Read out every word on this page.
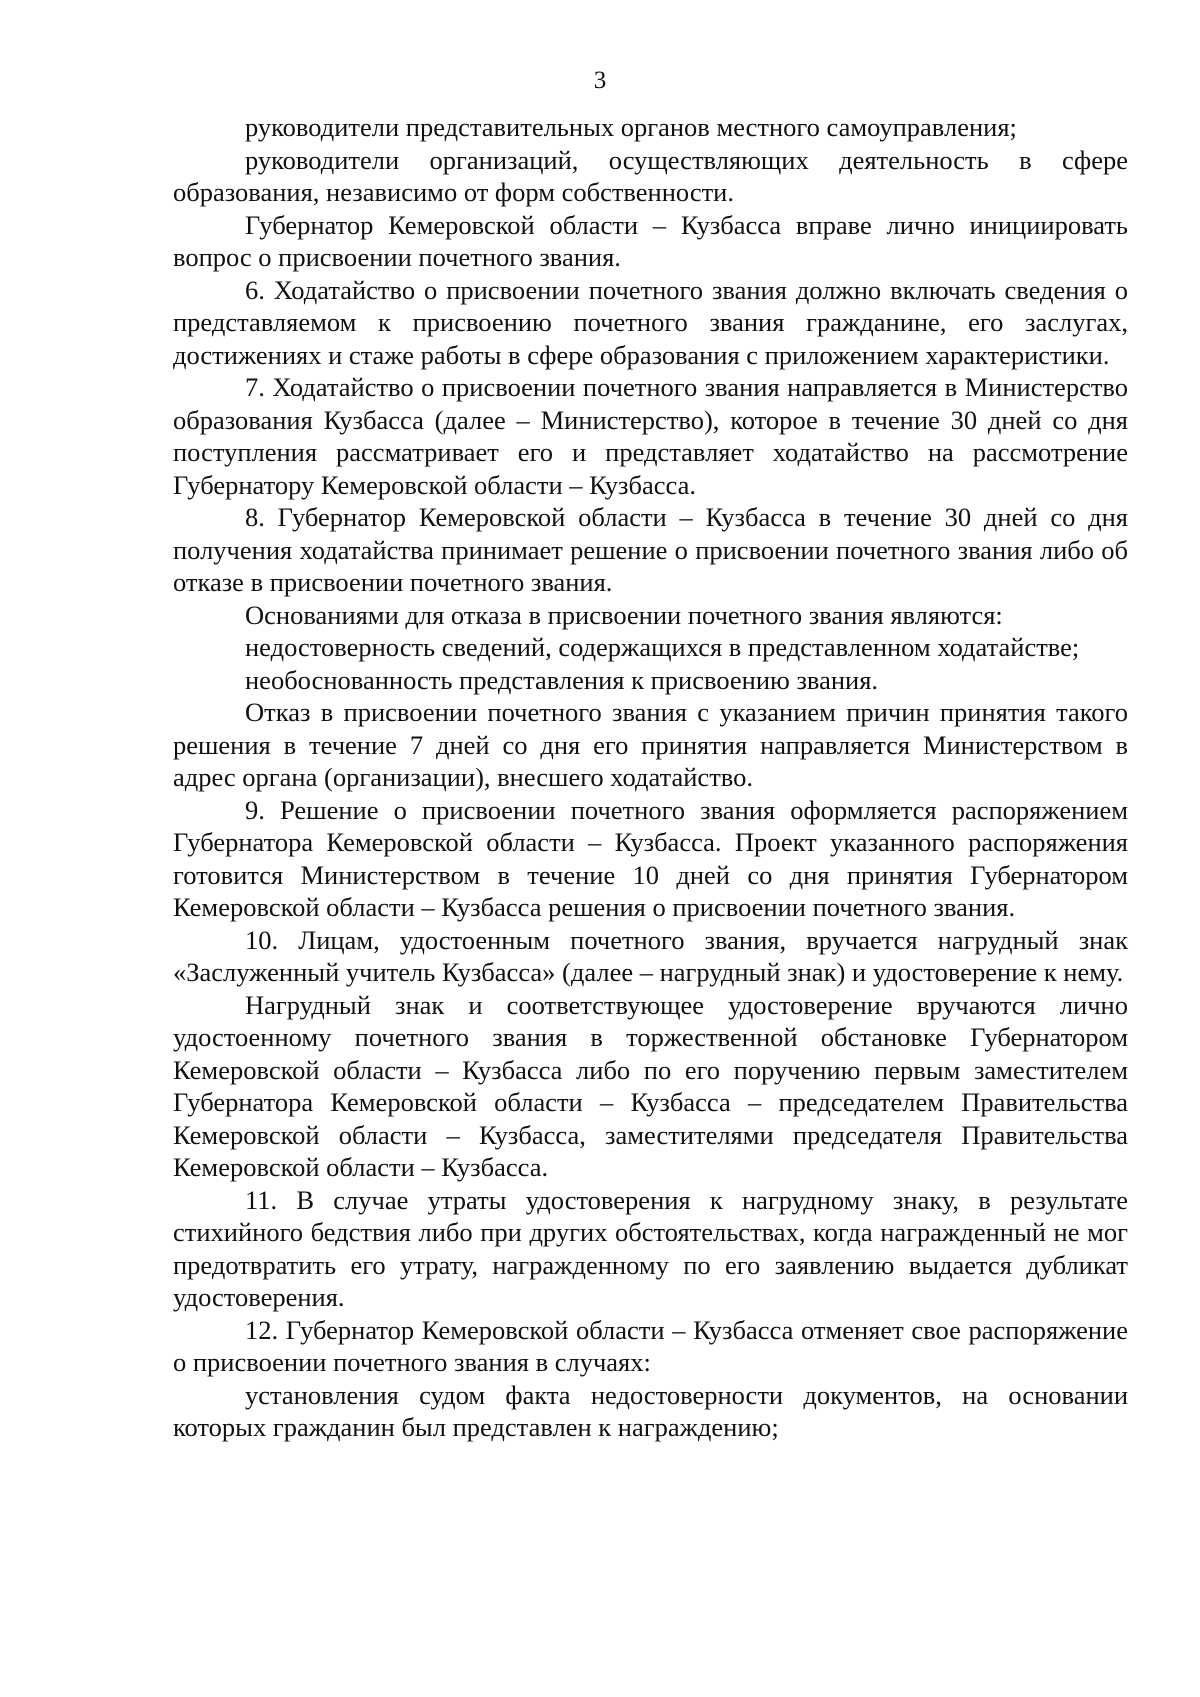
3

руководители представительных органов местного самоуправления;

руководители организаций, осуществляющих деятельность в сфере образования, независимо от форм собственности.

Губернатор Кемеровской области – Кузбасса вправе лично инициировать вопрос о присвоении почетного звания.

6. Ходатайство о присвоении почетного звания должно включать сведения о представляемом к присвоению почетного звания гражданине, его заслугах, достижениях и стаже работы в сфере образования с приложением характеристики.

7. Ходатайство о присвоении почетного звания направляется в Министерство образования Кузбасса (далее – Министерство), которое в течение 30 дней со дня поступления рассматривает его и представляет ходатайство на рассмотрение Губернатору Кемеровской области – Кузбасса.

8. Губернатор Кемеровской области – Кузбасса в течение 30 дней со дня получения ходатайства принимает решение о присвоении почетного звания либо об отказе в присвоении почетного звания.

Основаниями для отказа в присвоении почетного звания являются:

недостоверность сведений, содержащихся в представленном ходатайстве;

необоснованность представления к присвоению звания.

Отказ в присвоении почетного звания с указанием причин принятия такого решения в течение 7 дней со дня его принятия направляется Министерством в адрес органа (организации), внесшего ходатайство.

9. Решение о присвоении почетного звания оформляется распоряжением Губернатора Кемеровской области – Кузбасса. Проект указанного распоряжения готовится Министерством в течение 10 дней со дня принятия Губернатором Кемеровской области – Кузбасса решения о присвоении почетного звания.

10. Лицам, удостоенным почетного звания, вручается нагрудный знак «Заслуженный учитель Кузбасса» (далее – нагрудный знак) и удостоверение к нему.

Нагрудный знак и соответствующее удостоверение вручаются лично удостоенному почетного звания в торжественной обстановке Губернатором Кемеровской области – Кузбасса либо по его поручению первым заместителем Губернатора Кемеровской области – Кузбасса – председателем Правительства Кемеровской области – Кузбасса, заместителями председателя Правительства Кемеровской области – Кузбасса.

11. В случае утраты удостоверения к нагрудному знаку, в результате стихийного бедствия либо при других обстоятельствах, когда награжденный не мог предотвратить его утрату, награжденному по его заявлению выдается дубликат удостоверения.

12. Губернатор Кемеровской области – Кузбасса отменяет свое распоряжение о присвоении почетного звания в случаях:

установления судом факта недостоверности документов, на основании которых гражданин был представлен к награждению;
